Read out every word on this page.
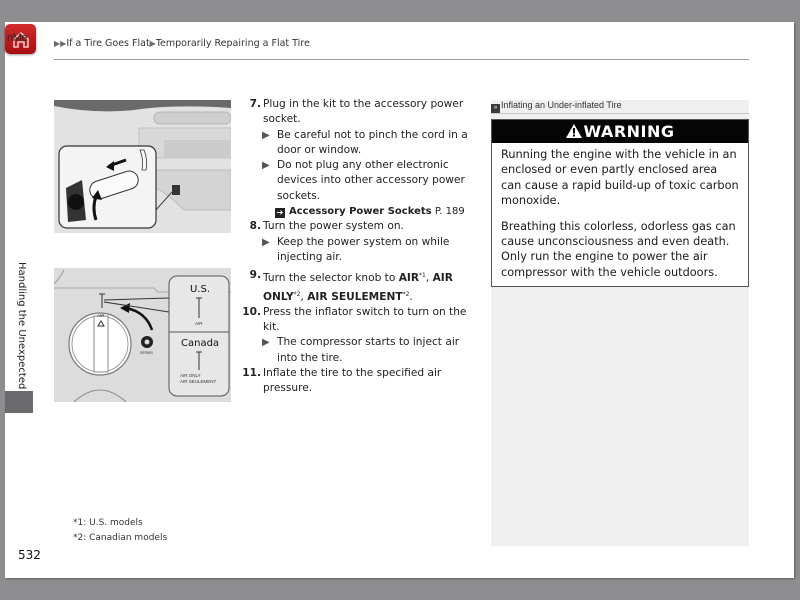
nMe	▶▶If a Tire Goes Flat▶Temporarily Repairing a Flat Tire
Handling the Unexpected	AIR
REPAIR
U.S.
AIR
Canada
AIR ONLY
AIR SEULEMENT
7. Plug in the kit to the accessory power socket.
▶ Be careful not to pinch the cord in a door or window.
▶ Do not plug any other electronic devices into other accessory power sockets.
➔ Accessory Power Sockets P. 189
8. Turn the power system on.
▶ Keep the power system on while injecting air.
9. Turn the selector knob to AIR$^{*1}$, AIR ONLY$^{*2}$, AIR SEULEMENT$^{*2}$.
10. Press the inflator switch to turn on the kit.
▶ The compressor starts to inject air into the tire.
11. Inflate the tire to the specified air pressure.
» Inflating an Under-inflated Tire
WARNING

Running the engine with the vehicle in an enclosed or even partly enclosed area can cause a rapid build-up of toxic carbon monoxide.

Breathing this colorless, odorless gas can cause unconsciousness and even death. Only run the engine to power the air compressor with the vehicle outdoors.

*1: U.S. models
*2: Canadian models
532
